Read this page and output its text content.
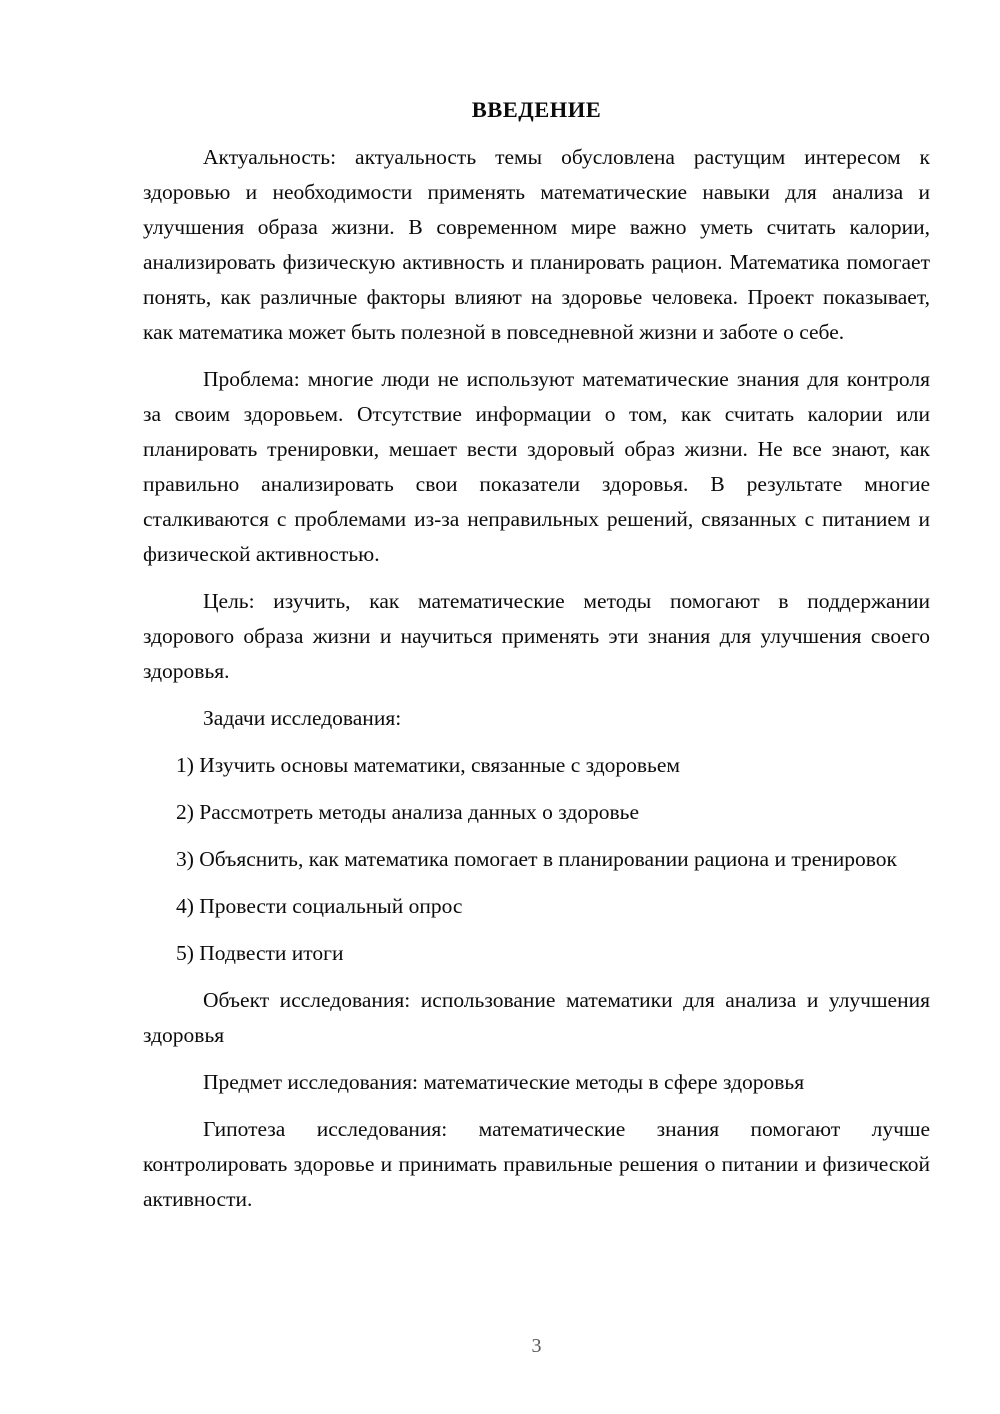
ВВЕДЕНИЕ

Актуальность: актуальность темы обусловлена растущим интересом к здоровью и необходимости применять математические навыки для анализа и улучшения образа жизни. В современном мире важно уметь считать калории, анализировать физическую активность и планировать рацион. Математика помогает понять, как различные факторы влияют на здоровье человека. Проект показывает, как математика может быть полезной в повседневной жизни и заботе о себе.

Проблема: многие люди не используют математические знания для контроля за своим здоровьем. Отсутствие информации о том, как считать калории или планировать тренировки, мешает вести здоровый образ жизни. Не все знают, как правильно анализировать свои показатели здоровья. В результате многие сталкиваются с проблемами из-за неправильных решений, связанных с питанием и физической активностью.

Цель: изучить, как математические методы помогают в поддержании здорового образа жизни и научиться применять эти знания для улучшения своего здоровья.

Задачи исследования:

1) Изучить основы математики, связанные с здоровьем

2) Рассмотреть методы анализа данных о здоровье

3) Объяснить, как математика помогает в планировании рациона и тренировок

4) Провести социальный опрос

5) Подвести итоги

Объект исследования: использование математики для анализа и улучшения здоровья

Предмет исследования: математические методы в сфере здоровья

Гипотеза исследования: математические знания помогают лучше контролировать здоровье и принимать правильные решения о питании и физической активности.

3
